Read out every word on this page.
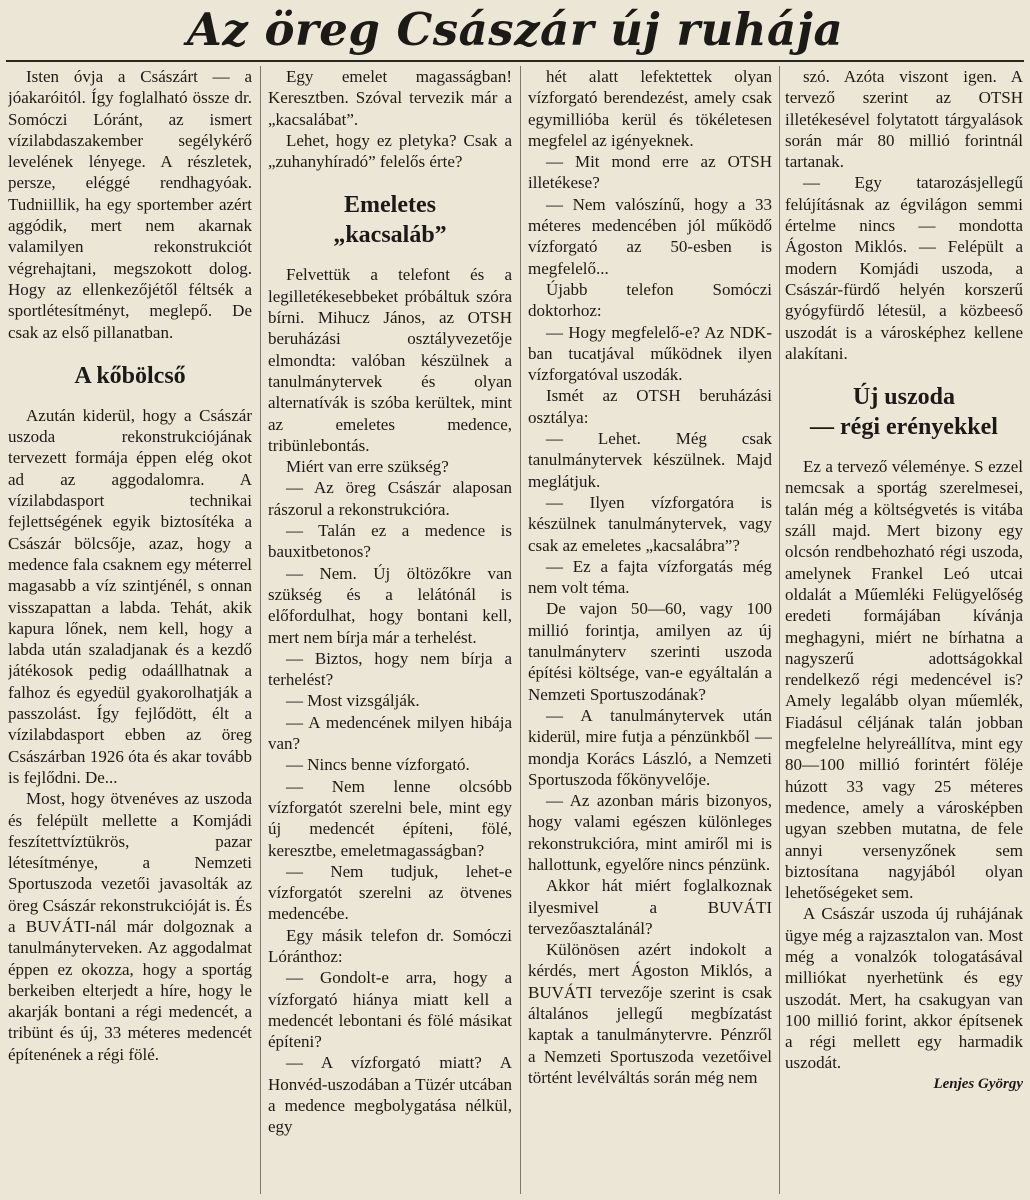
Az öreg Császár új ruhája

Isten óvja a Császárt — a jóakaróitól. Így foglalható össze dr. Somóczi Lóránt, az ismert vízilabdaszakember segélykérő levelének lényege. A részletek, persze, eléggé rendhagyóak. Tudniillik, ha egy sportember azért aggódik, mert nem akarnak valamilyen rekonstrukciót végrehajtani, megszokott dolog. Hogy az ellenkezőjétől féltsék a sportlétesítményt, meglepő. De csak az első pillanatban.

A kőbölcső

Azután kiderül, hogy a Császár uszoda rekonstrukciójának tervezett formája éppen elég okot ad az aggodalomra. A vízilabdasport technikai fejlettségének egyik biztosítéka a Császár bölcsője, azaz, hogy a medence fala csaknem egy méterrel magasabb a víz szintjénél, s onnan visszapattan a labda. Tehát, akik kapura lőnek, nem kell, hogy a labda után szaladjanak és a kezdő játékosok pedig odaállhatnak a falhoz és egyedül gyakorolhatják a passzolást. Így fejlődött, élt a vízilabdasport ebben az öreg Császárban 1926 óta és akar tovább is fejlődni. De...

Most, hogy ötvenéves az uszoda és felépült mellette a Komjádi feszítettvíztükrös, pazar létesítménye, a Nemzeti Sportuszoda vezetői javasolták az öreg Császár rekonstrukcióját is. És a BUVÁTI-nál már dolgoznak a tanulmányterveken. Az aggodalmat éppen ez okozza, hogy a sportág berkeiben elterjedt a híre, hogy le akarják bontani a régi medencét, a tribünt és új, 33 méteres medencét építenének a régi fölé.

Egy emelet magasságban! Keresztben. Szóval tervezik már a „kacsalábat”.

Lehet, hogy ez pletyka? Csak a „zuhanyhíradó” felelős érte?

Emeletes
„kacsaláb”

Felvettük a telefont és a legilletékesebbeket próbáltuk szóra bírni. Mihucz János, az OTSH beruházási osztályvezetője elmondta: valóban készülnek a tanulmánytervek és olyan alternatívák is szóba kerültek, mint az emeletes medence, tribünlebontás.

Miért van erre szükség?

— Az öreg Császár alaposan rászorul a rekonstrukcióra.

— Talán ez a medence is bauxitbetonos?

— Nem. Új öltözőkre van szükség és a lelátónál is előfordulhat, hogy bontani kell, mert nem bírja már a terhelést.

— Biztos, hogy nem bírja a terhelést?

— Most vizsgálják.

— A medencének milyen hibája van?

— Nincs benne vízforgató.

— Nem lenne olcsóbb vízforgatót szerelni bele, mint egy új medencét építeni, fölé, keresztbe, emeletmagasságban?

— Nem tudjuk, lehet-e vízforgatót szerelni az ötvenes medencébe.

Egy másik telefon dr. Somóczi Lóránthoz:

— Gondolt-e arra, hogy a vízforgató hiánya miatt kell a medencét lebontani és fölé másikat építeni?

— A vízforgató miatt? A Honvéd-uszodában a Tüzér utcában a medence megbolygatása nélkül, egy

hét alatt lefektettek olyan vízforgató berendezést, amely csak egymillióba kerül és tökéletesen megfelel az igényeknek.

— Mit mond erre az OTSH illetékese?

— Nem valószínű, hogy a 33 méteres medencében jól működő vízforgató az 50-esben is megfelelő...

Újabb telefon Somóczi doktorhoz:

— Hogy megfelelő-e? Az NDK-ban tucatjával működnek ilyen vízforgatóval uszodák.

Ismét az OTSH beruházási osztálya:

— Lehet. Még csak tanulmánytervek készülnek. Majd meglátjuk.

— Ilyen vízforgatóra is készülnek tanulmánytervek, vagy csak az emeletes „kacsalábra”?

— Ez a fajta vízforgatás még nem volt téma.

De vajon 50—60, vagy 100 millió forintja, amilyen az új tanulmányterv szerinti uszoda építési költsége, van-e egyáltalán a Nemzeti Sportuszodának?

— A tanulmánytervek után kiderül, mire futja a pénzünkből — mondja Korács László, a Nemzeti Sportuszoda főkönyvelője.

— Az azonban máris bizonyos, hogy valami egészen különleges rekonstrukcióra, mint amiről mi is hallottunk, egyelőre nincs pénzünk.

Akkor hát miért foglalkoznak ilyesmivel a BUVÁTI tervezőasztalánál?

Különösen azért indokolt a kérdés, mert Ágoston Miklós, a BUVÁTI tervezője szerint is csak általános jellegű megbízatást kaptak a tanulmánytervre. Pénzről a Nemzeti Sportuszoda vezetőivel történt levélváltás során még nem

szó. Azóta viszont igen. A tervező szerint az OTSH illetékesével folytatott tárgyalások során már 80 millió forintnál tartanak.

— Egy tatarozásjellegű felújításnak az égvilágon semmi értelme nincs — mondotta Ágoston Miklós. — Felépült a modern Komjádi uszoda, a Császár-fürdő helyén korszerű gyógyfürdő létesül, a közbeeső uszodát is a városképhez kellene alakítani.

Új uszoda
— régi erényekkel

Ez a tervező véleménye. S ezzel nemcsak a sportág szerelmesei, talán még a költségvetés is vitába száll majd. Mert bizony egy olcsón rendbehozható régi uszoda, amelynek Frankel Leó utcai oldalát a Műemléki Felügyelőség eredeti formájában kívánja meghagyni, miért ne bírhatna a nagyszerű adottságokkal rendelkező régi medencével is? Amely legalább olyan műemlék, Fiadásul céljának talán jobban megfelelne helyreállítva, mint egy 80—100 millió forintért föléje húzott 33 vagy 25 méteres medence, amely a városképben ugyan szebben mutatna, de fele annyi versenyzőnek sem biztosítana nagyjából olyan lehetőségeket sem.

A Császár uszoda új ruhájának ügye még a rajzasztalon van. Most még a vonalzók tologatásával milliókat nyerhetünk és egy uszodát. Mert, ha csakugyan van 100 millió forint, akkor építsenek a régi mellett egy harmadik uszodát.

Lenjes György
